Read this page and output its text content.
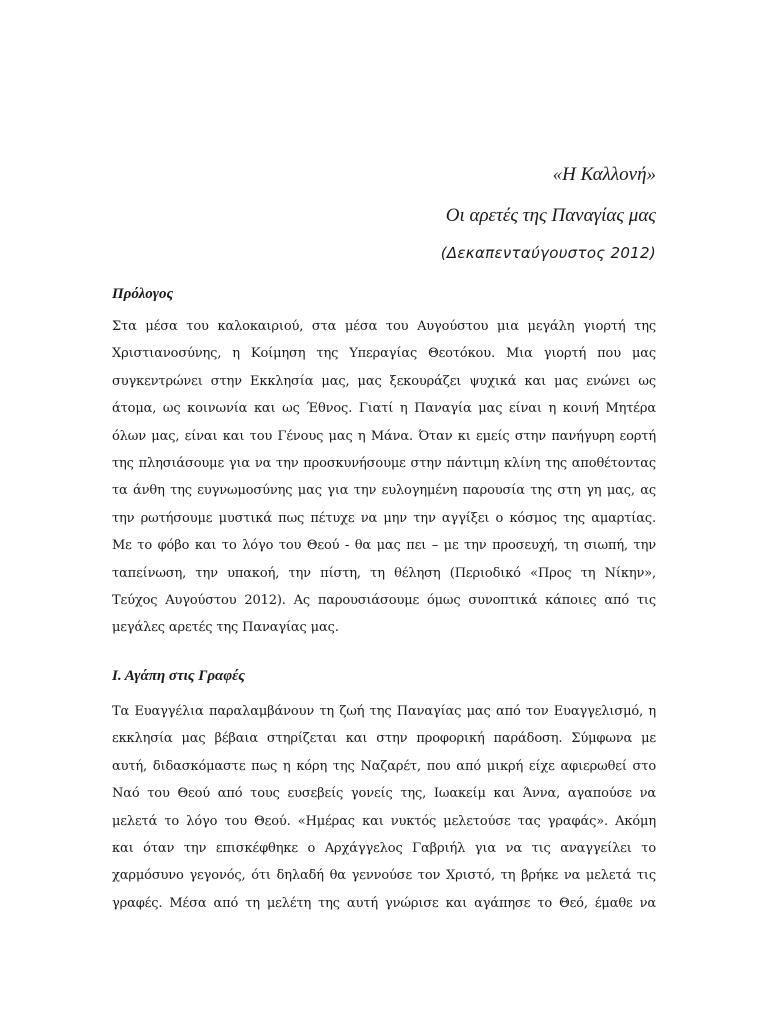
«Η Καλλονή»

Οι αρετές της Παναγίας μας

(Δεκαπενταύγουστος 2012)

Πρόλογος

Στα μέσα του καλοκαιριού, στα μέσα του Αυγούστου μια μεγάλη γιορτή της
Χριστιανοσύνης, η Κοίμηση της Υπεραγίας Θεοτόκου. Μια γιορτή που μας
συγκεντρώνει στην Εκκλησία μας, μας ξεκουράζει ψυχικά και μας ενώνει ως
άτομα, ως κοινωνία και ως Έθνος. Γιατί η Παναγία μας είναι η κοινή Μητέρα
όλων μας, είναι και του Γένους μας η Μάνα. Όταν κι εμείς στην πανήγυρη εορτή
της πλησιάσουμε για να την προσκυνήσουμε στην πάντιμη κλίνη της αποθέτοντας
τα άνθη της ευγνωμοσύνης μας για την ευλογημένη παρουσία της στη γη μας, ας
την ρωτήσουμε μυστικά πως πέτυχε να μην την αγγίξει ο κόσμος της αμαρτίας.
Με το φόβο και το λόγο του Θεού - θα μας πει – με την προσευχή, τη σιωπή, την
ταπείνωση, την υπακοή, την πίστη, τη θέληση (Περιοδικό «Προς τη Νίκην»,
Τεύχος Αυγούστου 2012). Ας παρουσιάσουμε όμως συνοπτικά κάποιες από τις
μεγάλες αρετές της Παναγίας μας.

Ι. Αγάπη στις Γραφές

Τα Ευαγγέλια παραλαμβάνουν τη ζωή της Παναγίας μας από τον Ευαγγελισμό, η
εκκλησία μας βέβαια στηρίζεται και στην προφορική παράδοση. Σύμφωνα με
αυτή, διδασκόμαστε πως η κόρη της Ναζαρέτ, που από μικρή είχε αφιερωθεί στο
Ναό του Θεού από τους ευσεβείς γονείς της, Ιωακείμ και Άννα, αγαπούσε να
μελετά το λόγο του Θεού. «Ημέρας και νυκτός μελετούσε τας γραφάς». Ακόμη
και όταν την επισκέφθηκε ο Αρχάγγελος Γαβριήλ για να τις αναγγείλει το
χαρμόσυνο γεγονός, ότι δηλαδή θα γεννούσε τον Χριστό, τη βρήκε να μελετά τις
γραφές. Μέσα από τη μελέτη της αυτή γνώρισε και αγάπησε το Θεό, έμαθε να
